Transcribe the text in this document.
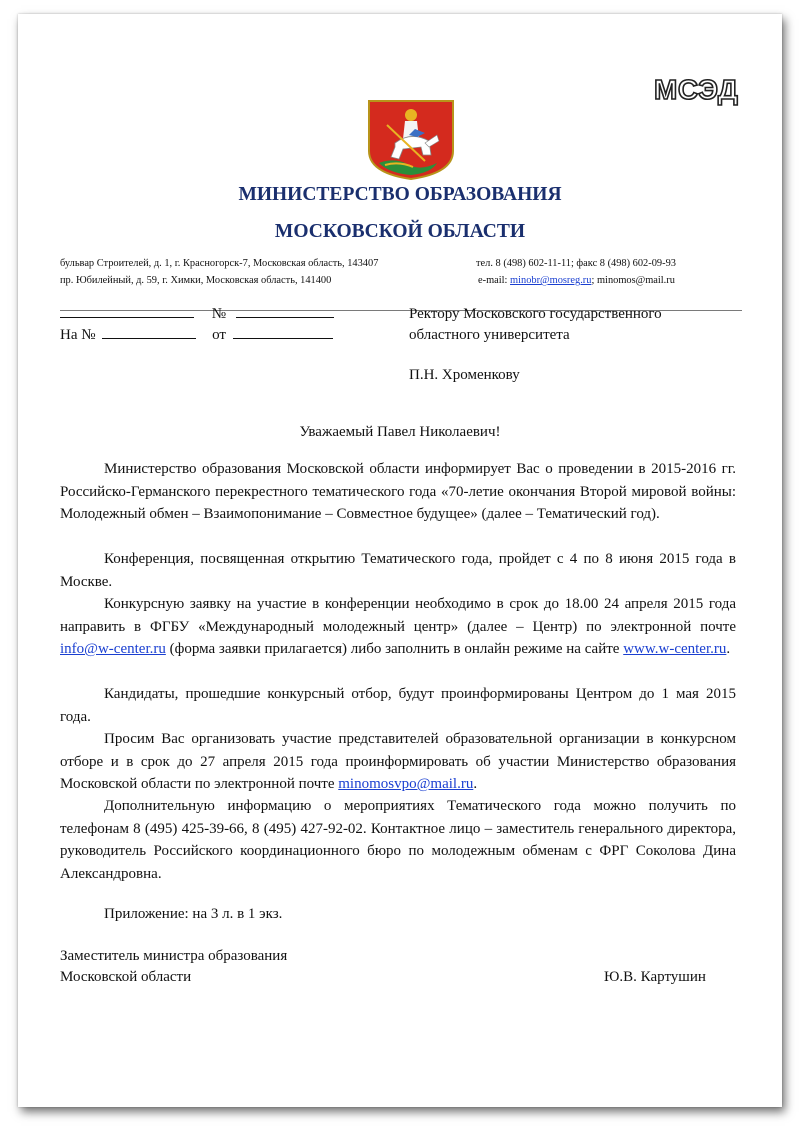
МСЭД
МИНИСТЕРСТВО ОБРАЗОВАНИЯ
МОСКОВСКОЙ ОБЛАСТИ
бульвар Строителей, д. 1, г. Красногорск-7, Московская область, 143407
пр. Юбилейный, д. 59, г. Химки, Московская область, 141400
тел. 8 (498) 602-11-11; факс 8 (498) 602-09-93
e-mail: minobr@mosreg.ru; minomos@mail.ru
№
На №	от
Ректору Московского государственного
областного университета
П.Н. Хроменкову
Уважаемый Павел Николаевич!

Министерство образования Московской области информирует Вас о проведении в 2015-2016 гг. Российско-Германского перекрестного тематического года «70-летие окончания Второй мировой войны: Молодежный обмен – Взаимопонимание – Совместное будущее» (далее – Тематический год).

Конференция, посвященная открытию Тематического года, пройдет с 4 по 8 июня 2015 года в Москве.

Конкурсную заявку на участие в конференции необходимо в срок до 18.00 24 апреля 2015 года направить в ФГБУ «Международный молодежный центр» (далее – Центр) по электронной почте info@w-center.ru (форма заявки прилагается) либо заполнить в онлайн режиме на сайте www.w-center.ru.

Кандидаты, прошедшие конкурсный отбор, будут проинформированы Центром до 1 мая 2015 года.

Просим Вас организовать участие представителей образовательной организации в конкурсном отборе и в срок до 27 апреля 2015 года проинформировать об участии Министерство образования Московской области по электронной почте minomosvpo@mail.ru.

Дополнительную информацию о мероприятиях Тематического года можно получить по телефонам 8 (495) 425-39-66, 8 (495) 427-92-02. Контактное лицо – заместитель генерального директора, руководитель Российского координационного бюро по молодежным обменам с ФРГ Соколова Дина Александровна.

Приложение: на 3 л. в 1 экз.
Заместитель министра образования
Московской области	Ю.В. Картушин
